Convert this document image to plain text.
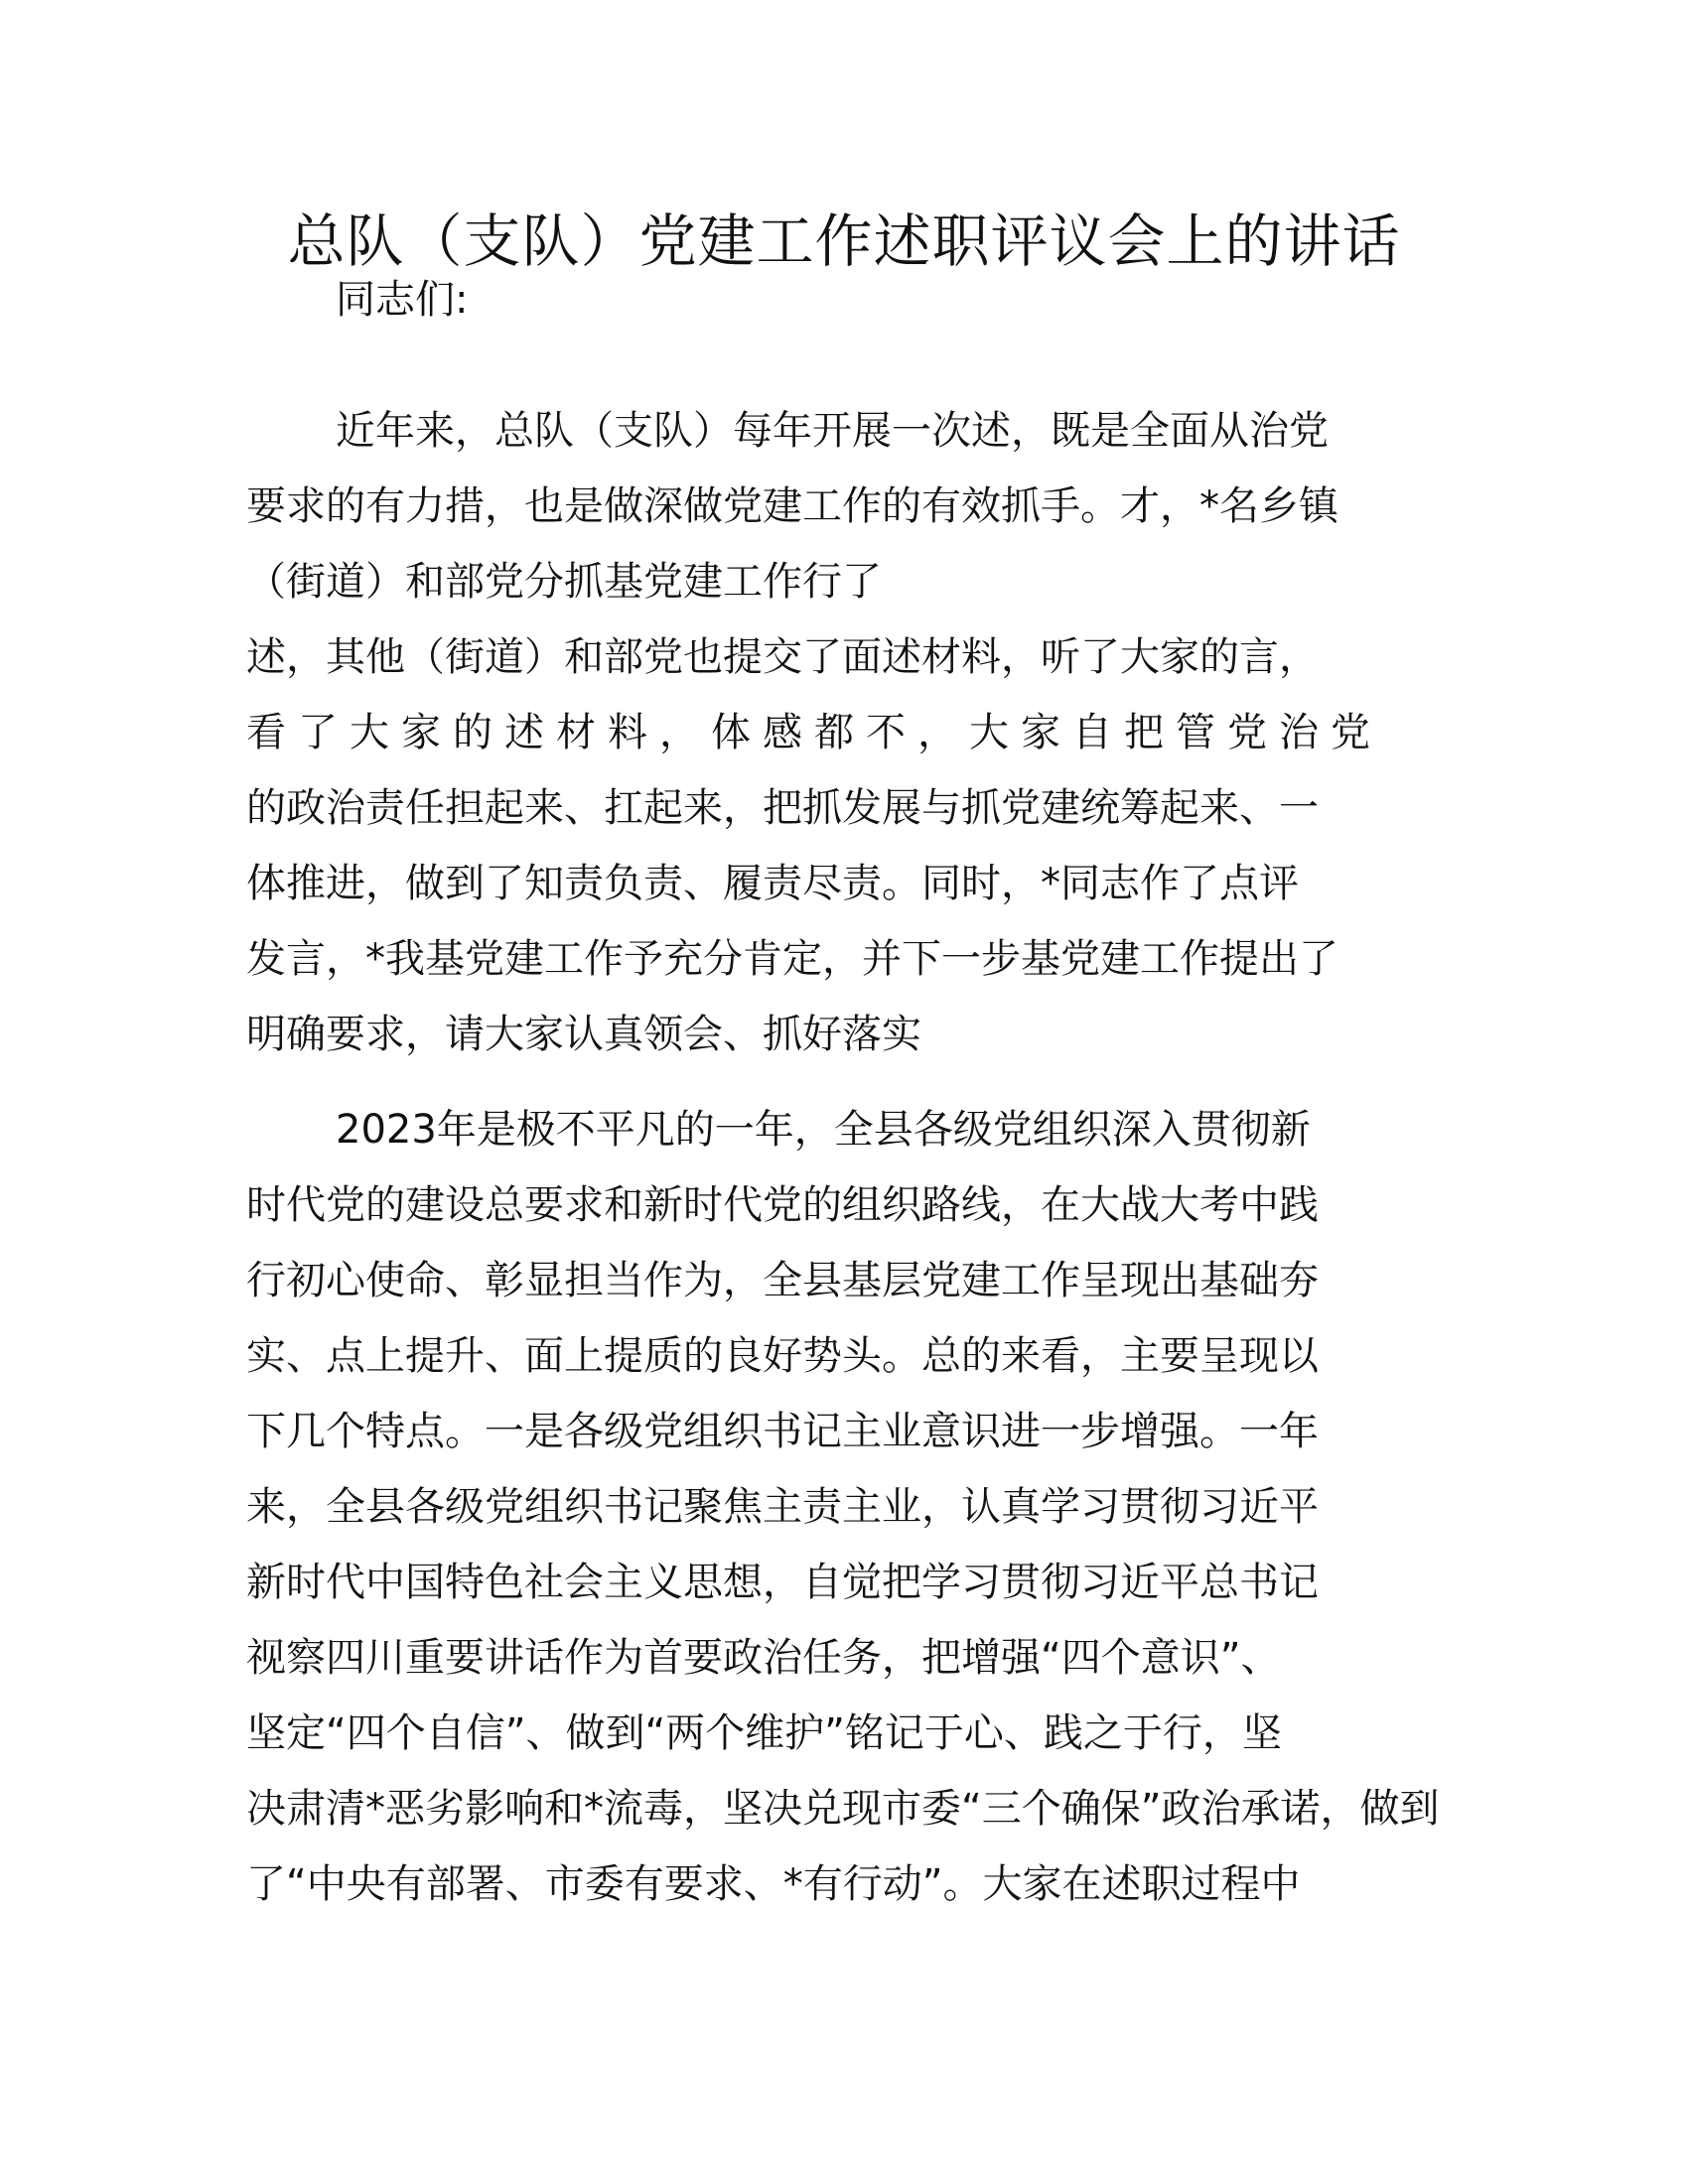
总队（支队）党建工作述职评议会上的讲话
同志们:
近年来，总队（支队）每年开展一次述，既是全面从治党
要求的有力措，也是做深做党建工作的有效抓手。才，*名乡镇
（街道）和部党分抓基党建工作行了
述，其他（街道）和部党也提交了面述材料，听了大家的言，
看了大家的述材料，体感都不，大家自把管党治党
的政治责任担起来、扛起来，把抓发展与抓党建统筹起来、一
体推进，做到了知责负责、履责尽责。同时，*同志作了点评
发言，*我基党建工作予充分肯定，并下一步基党建工作提出了
明确要求，请大家认真领会、抓好落实
2023年是极不平凡的一年，全县各级党组织深入贯彻新
时代党的建设总要求和新时代党的组织路线，在大战大考中践
行初心使命、彰显担当作为，全县基层党建工作呈现出基础夯
实、点上提升、面上提质的良好势头。总的来看，主要呈现以
下几个特点。一是各级党组织书记主业意识进一步增强。一年
来，全县各级党组织书记聚焦主责主业，认真学习贯彻习近平
新时代中国特色社会主义思想，自觉把学习贯彻习近平总书记
视察四川重要讲话作为首要政治任务，把增强“四个意识”、
坚定“四个自信”、做到“两个维护”铭记于心、践之于行，坚
决肃清*恶劣影响和*流毒，坚决兑现市委“三个确保”政治承诺，做到
了“中央有部署、市委有要求、*有行动”。大家在述职过程中
